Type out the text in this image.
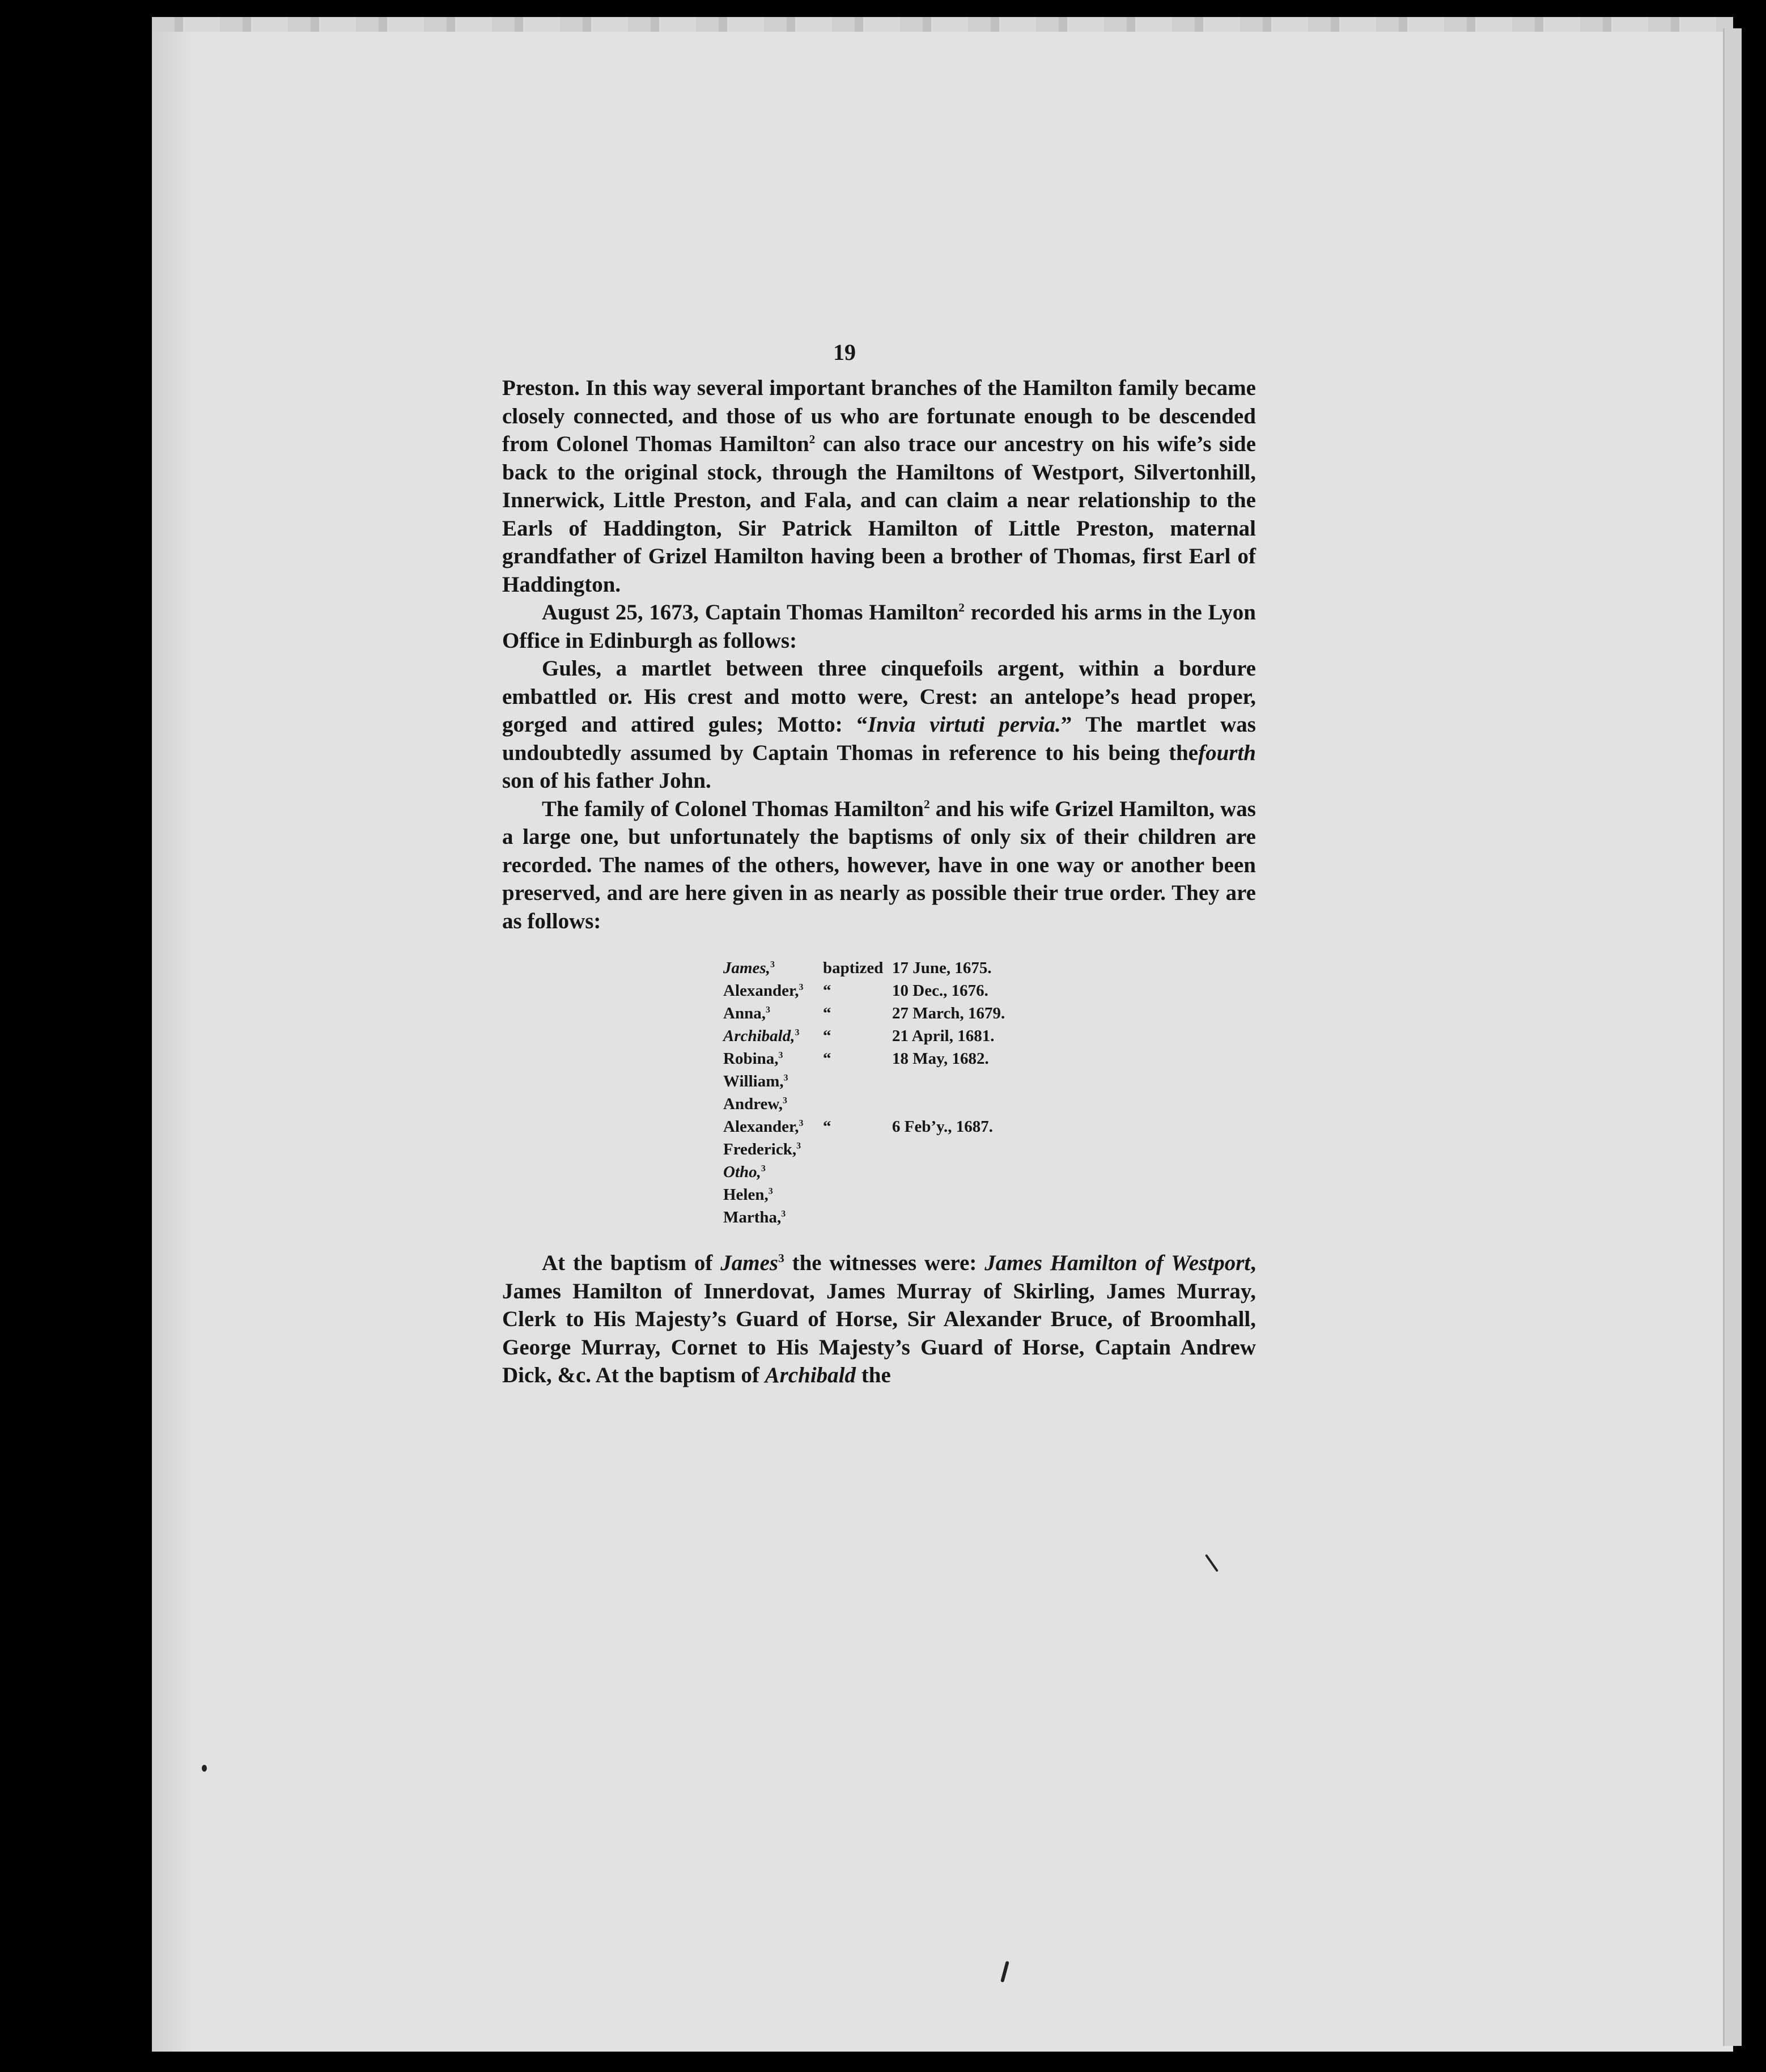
19

Preston. In this way several important branches of the Hamilton family became closely connected, and those of us who are fortunate enough to be descended from Colonel Thomas Hamilton$^2$ can also trace our ancestry on his wife’s side back to the original stock, through the Hamiltons of Westport, Silvertonhill, Innerwick, Little Preston, and Fala, and can claim a near relationship to the Earls of Haddington, Sir Patrick Hamilton of Little Preston, maternal grandfather of Grizel Hamilton having been a brother of Thomas, first Earl of Haddington.

August 25, 1673, Captain Thomas Hamilton$^2$ recorded his arms in the Lyon Office in Edinburgh as follows:

Gules, a martlet between three cinquefoils argent, within a bordure embattled or. His crest and motto were, Crest: an antelope’s head proper, gorged and attired gules; Motto: “Invia virtuti pervia.” The martlet was undoubtedly assumed by Captain Thomas in reference to his being thefourth son of his father John.

The family of Colonel Thomas Hamilton$^2$ and his wife Grizel Hamilton, was a large one, but unfortunately the baptisms of only six of their children are recorded. The names of the others, however, have in one way or another been preserved, and are here given in as nearly as possible their true order. They are as follows:

James,$^3$	baptized	17 June, 1675.
Alexander,$^3$	“	10 Dec., 1676.
Anna,$^3$	“	27 March, 1679.
Archibald,$^3$	“	21 April, 1681.
Robina,$^3$	“	18 May, 1682.
William,$^3$		
Andrew,$^3$		
Alexander,$^3$	“	6 Feb’y., 1687.
Frederick,$^3$		
Otho,$^3$		
Helen,$^3$		
Martha,$^3$		

At the baptism of James$^3$ the witnesses were: James Hamilton of Westport, James Hamilton of Innerdovat, James Murray of Skirling, James Murray, Clerk to His Majesty’s Guard of Horse, Sir Alexander Bruce, of Broomhall, George Murray, Cornet to His Majesty’s Guard of Horse, Captain Andrew Dick, &c. At the baptism of Archibald the
